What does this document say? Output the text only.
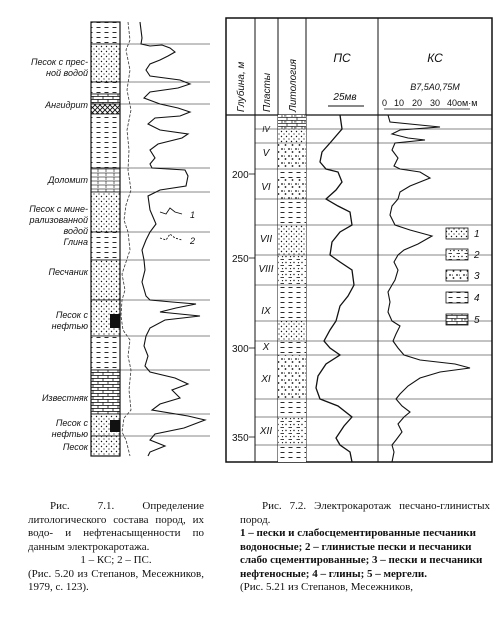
Песок с прес-
ной водой
Ангидрит
Доломит
Песок с мине-
рализованной
водой
Глина
Песчаник
Песок с
нефтью
Известняк
Песок с
нефтью
Песок
1
2
Глубина, м Пласты Литология
ПС	КС
25мв
В7,5А0,75М
0 10 20 30 40ом·м
200
250
300
350
IV
V
VI
VII
VIII
IX
X
XI
XII
1
2
3
4
5
Рис. 7.1. Определение литологического состава пород, их водо- и нефтенасыщенности по данным электрокаротажа.
1 – КС; 2 – ПС.
(Рис. 5.20 из Степанов, Месежников, 1979, с. 123).
Рис. 7.2. Электрокаротаж песчано-глинистых пород.
1 – пески и слабосцементированные песчаники водоносные; 2 – глинистые пески и песчаники слабо сцементированные; 3 – пески и песчаники нефтеносные; 4 – глины; 5 – мергели.
(Рис. 5.21 из Степанов, Месежников,
